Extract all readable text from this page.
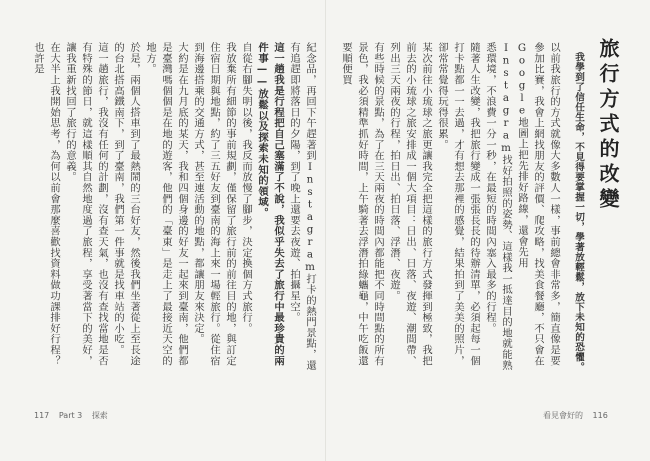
旅行方式的改變
我學到了信任生命，不見得要掌握一切，學著放輕鬆，放下未知的恐懼。

以前我旅行的方式就像大多數人一樣，事前總會非常多，簡直像是要參加比賽，我會上網找朋友的評價、爬攻略，找美食餐廳，不只會在Google地圖上把先排好路線，還會先用Instagram找好拍照的姿勢、這樣我一抵達目的地就能熟悉環境，不浪費一分一秒，在最短的時間內塞入最多的行程。

隨著人生改變，我把旅行變成一張張長長的待辦清單，必須起每一個打卡點都一一去過，才有想去那裡的感覺，結果拍到了美美的照片，卻常常覺得玩得很累。

某次前往小琉球之旅更讓我完全把這樣的旅行方式發揮到極致，我把前去的小琉球之旅安排成一個大項目：日出、日落、夜遊、潮間帶、列出三天兩夜的行程，拍日出、拍日落、浮潛、夜遊。

有些時候的景點，為了在三天兩夜的時間內都能把不同時間點的所有景色，我必須精準抓好時間，上午騎著去浮潛拍綠蠵龜，中午吃飯還要順便買

看見會好的 116

紀念品，再回下午趕著到Instagram打卡的熱門景點，還有追趕即將落日的夕陽，到了晚上還要去夜遊、拍攝星空。

這一趟我是行程把自己塞滿了不說，我似乎失去了旅行中最珍貴的兩件事——放鬆以及探索未知的領域。

自從右腳失明以後，我反而放慢了腳步，決定換個方式旅行。

我放棄所有細節的事前規劃，僅保留了旅行前的前往目的地，與訂定住宿日期與地點，約了三五好友到臺南的海上來一場輕旅行。從住宿到海邊搭乘的交通方式，甚至連活動的地點，都讓朋友來決定。

大約是在九月底的某天，我和四個身邊的好友一起來到臺南，他們都是臺灣嗎個個是在地的遊客，他們的「臺東」是走上了最接近天空的地方。

於是，兩個人搭車到了最熱鬧的三台好友，然後我們坐著從上至長途的台北搭高鐵南下，到了臺南，我們第一件事就是找車站的小吃。

這一趟旅行，我沒有任何的計劃，沒有查天氣，也沒有查找當地是否有特殊的節日，就這樣順其自然地度過了旅程，享受著當下的美好，讓我重新找回了旅行的意義。

在大半上我開始思考，為何以前會那麼喜歡找資料做功課排好行程？也許是

117 Part 3 探索
